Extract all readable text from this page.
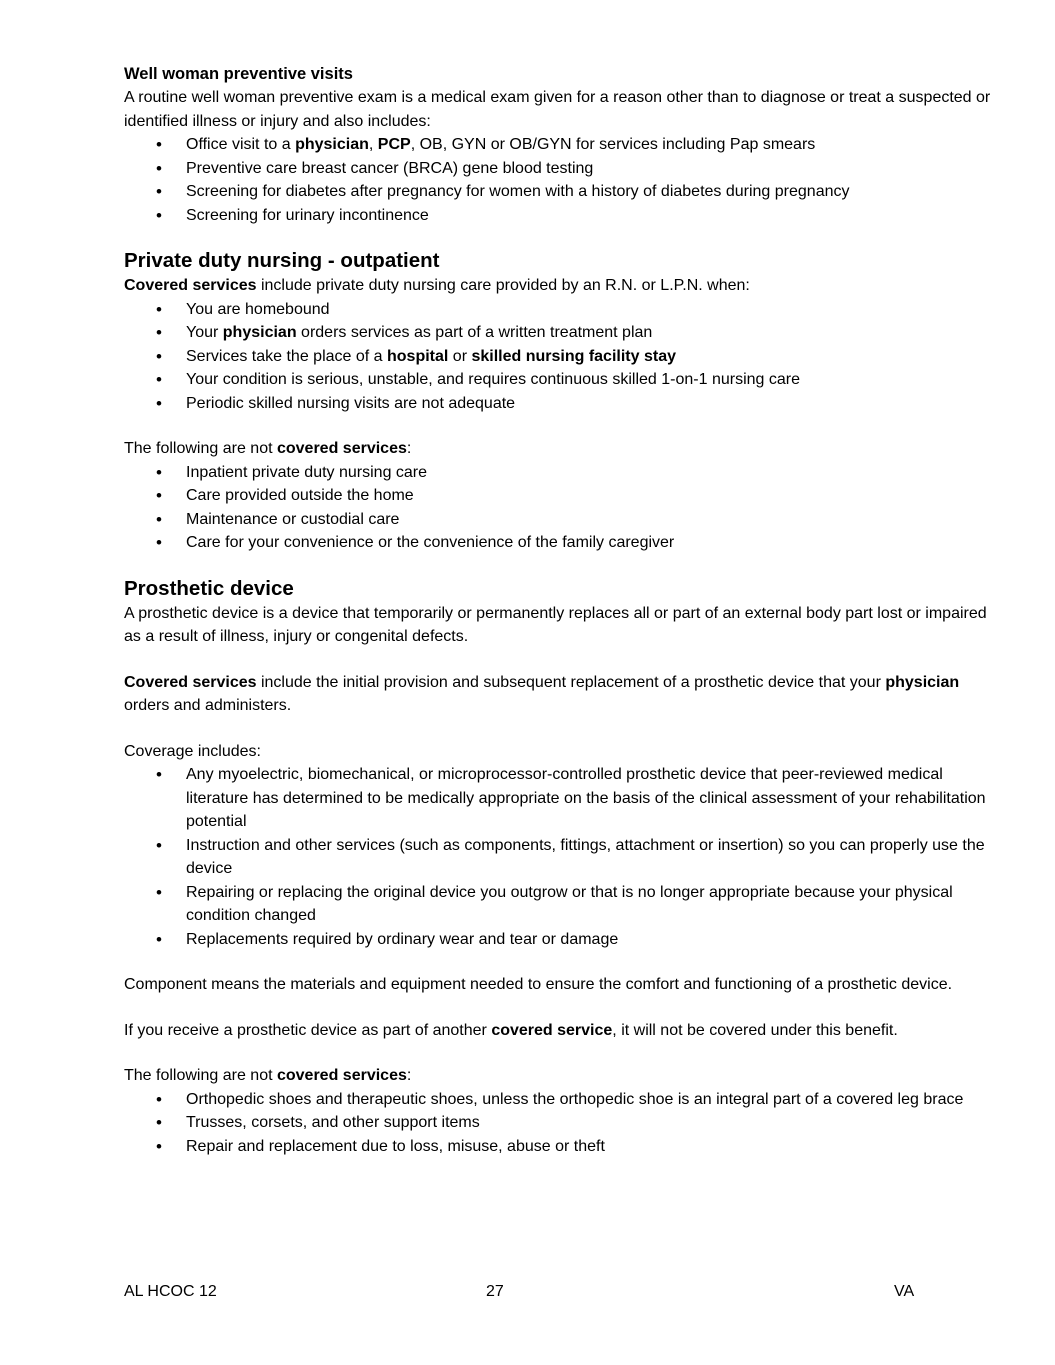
Well woman preventive visits

A routine well woman preventive exam is a medical exam given for a reason other than to diagnose or treat a suspected or identified illness or injury and also includes:

• Office visit to a physician, PCP, OB, GYN or OB/GYN for services including Pap smears
• Preventive care breast cancer (BRCA) gene blood testing
• Screening for diabetes after pregnancy for women with a history of diabetes during pregnancy
• Screening for urinary incontinence
Private duty nursing - outpatient

Covered services include private duty nursing care provided by an R.N. or L.P.N. when:

• You are homebound
• Your physician orders services as part of a written treatment plan
• Services take the place of a hospital or skilled nursing facility stay
• Your condition is serious, unstable, and requires continuous skilled 1-on-1 nursing care
• Periodic skilled nursing visits are not adequate

The following are not covered services:

• Inpatient private duty nursing care
• Care provided outside the home
• Maintenance or custodial care
• Care for your convenience or the convenience of the family caregiver
Prosthetic device

A prosthetic device is a device that temporarily or permanently replaces all or part of an external body part lost or impaired as a result of illness, injury or congenital defects.

Covered services include the initial provision and subsequent replacement of a prosthetic device that your physician orders and administers.

Coverage includes:

• Any myoelectric, biomechanical, or microprocessor-controlled prosthetic device that peer-reviewed medical literature has determined to be medically appropriate on the basis of the clinical assessment of your rehabilitation potential
• Instruction and other services (such as components, fittings, attachment or insertion) so you can properly use the device
• Repairing or replacing the original device you outgrow or that is no longer appropriate because your physical condition changed
• Replacements required by ordinary wear and tear or damage

Component means the materials and equipment needed to ensure the comfort and functioning of a prosthetic device.

If you receive a prosthetic device as part of another covered service, it will not be covered under this benefit.

The following are not covered services:

• Orthopedic shoes and therapeutic shoes, unless the orthopedic shoe is an integral part of a covered leg brace
• Trusses, corsets, and other support items
• Repair and replacement due to loss, misuse, abuse or theft
AL HCOC 12	27	VA
